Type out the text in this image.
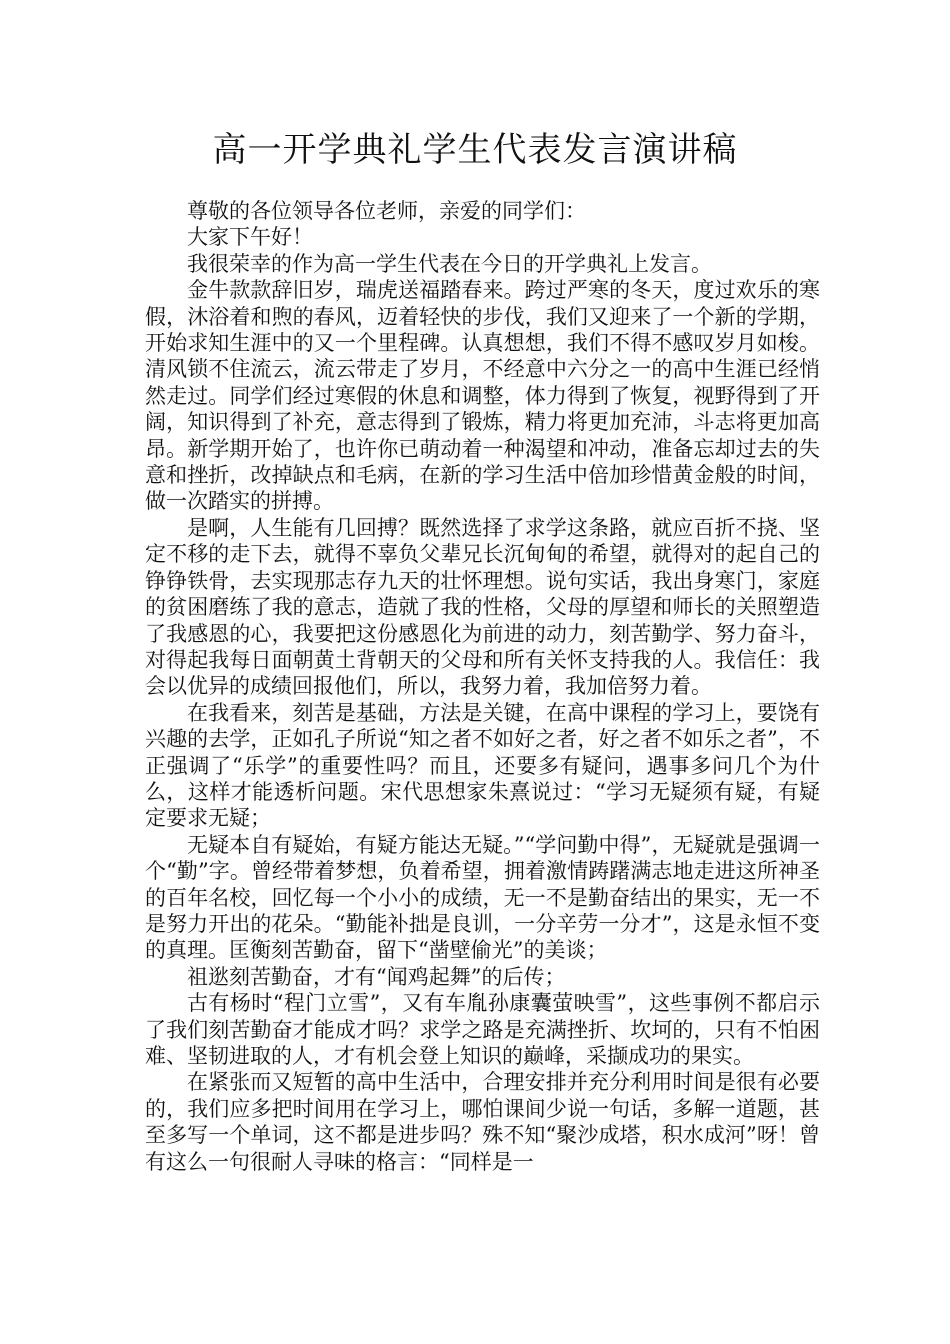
高一开学典礼学生代表发言演讲稿

尊敬的各位领导各位老师，亲爱的同学们：

大家下午好！

我很荣幸的作为高一学生代表在今日的开学典礼上发言。

金牛款款辞旧岁，瑞虎送福踏春来。跨过严寒的冬天，度过欢乐的寒假，沐浴着和煦的春风，迈着轻快的步伐，我们又迎来了一个新的学期，开始求知生涯中的又一个里程碑。认真想想，我们不得不感叹岁月如梭。清风锁不住流云，流云带走了岁月，不经意中六分之一的高中生涯已经悄然走过。同学们经过寒假的休息和调整，体力得到了恢复，视野得到了开阔，知识得到了补充，意志得到了锻炼，精力将更加充沛，斗志将更加高昂。新学期开始了，也许你已萌动着一种渴望和冲动，准备忘却过去的失意和挫折，改掉缺点和毛病，在新的学习生活中倍加珍惜黄金般的时间，做一次踏实的拼搏。

是啊，人生能有几回搏？既然选择了求学这条路，就应百折不挠、坚定不移的走下去，就得不辜负父辈兄长沉甸甸的希望，就得对的起自己的铮铮铁骨，去实现那志存九天的壮怀理想。说句实话，我出身寒门，家庭的贫困磨练了我的意志，造就了我的性格，父母的厚望和师长的关照塑造了我感恩的心，我要把这份感恩化为前进的动力，刻苦勤学、努力奋斗，对得起我每日面朝黄土背朝天的父母和所有关怀支持我的人。我信任：我会以优异的成绩回报他们，所以，我努力着，我加倍努力着。

在我看来，刻苦是基础，方法是关键，在高中课程的学习上，要饶有兴趣的去学，正如孔子所说“知之者不如好之者，好之者不如乐之者”，不正强调了“乐学”的重要性吗？而且，还要多有疑问，遇事多问几个为什么，这样才能透析问题。宋代思想家朱熹说过：“学习无疑须有疑，有疑定要求无疑；

无疑本自有疑始，有疑方能达无疑。”“学问勤中得”，无疑就是强调一个“勤”字。曾经带着梦想，负着希望，拥着激情踌躇满志地走进这所神圣的百年名校，回忆每一个小小的成绩，无一不是勤奋结出的果实，无一不是努力开出的花朵。“勤能补拙是良训，一分辛劳一分才”，这是永恒不变的真理。匡衡刻苦勤奋，留下“凿壁偷光”的美谈；

祖逖刻苦勤奋，才有“闻鸡起舞”的后传；

古有杨时“程门立雪”，又有车胤孙康囊萤映雪”，这些事例不都启示了我们刻苦勤奋才能成才吗？求学之路是充满挫折、坎坷的，只有不怕困难、坚韧进取的人，才有机会登上知识的巅峰，采撷成功的果实。

在紧张而又短暂的高中生活中，合理安排并充分利用时间是很有必要的，我们应多把时间用在学习上，哪怕课间少说一句话，多解一道题，甚至多写一个单词，这不都是进步吗？殊不知“聚沙成塔，积水成河”呀！曾有这么一句很耐人寻味的格言：“同样是一
